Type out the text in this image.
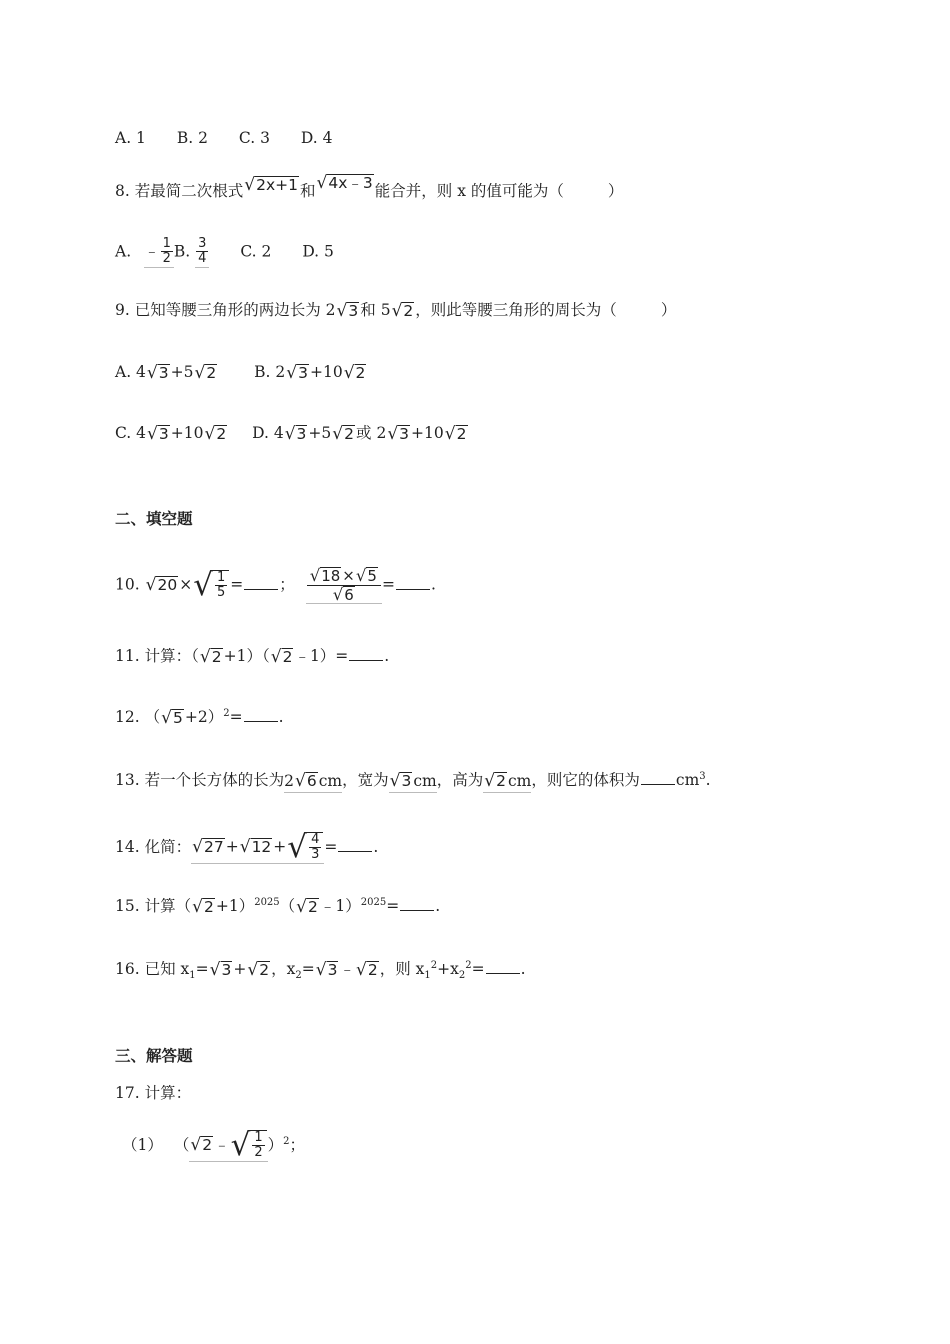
A. 1 B. 2 C. 3 D. 4
8. 若最简二次根式 √ 2x+1 和 √ 4x﹣3 能合并，则 x 的值可能为（	）
A. ﹣ $\frac{1}{2} B$. $\frac{3}{4} C$. 2 D. 5
9. 已知等腰三角形的两边长为 2 √ 3 和 5 √ 2 ，则此等腰三角形的周长为（	）
A. 4 √ 3 +5 √ 2 B. 2 √ 3 +10 √ 2
C. 4 √ 3 +10 √ 2 D. 4 √ 3 +5 √ 2 或 2 √ 3 +10 √ 2
二、填空题
10. √ 20 × √ $\frac{1}{5}$ = ； $\frac{√ 18 \times √ 5}{√ 6}$ = .
11. 计算：（ √ 2 +1）（ √ 2 ﹣1）= .
12. （ √ 5 +2）$^2$= .
13. 若一个长方体的长为2 √ 6 cm，宽为 √ 3 cm，高为 √ 2 cm，则它的体积为 $cm^3$.
14. 化简： √ 27 + √ 12 + √ $\frac{4}{3}$ = .
15. 计算（ √ 2 +1）$^{2025}$（ √ 2 ﹣1）$^{2025}$= .
16. 已知 $x_1=$ √ 3 + √ 2 ，$x_2=$ √ 3 ﹣ √ 2 ，则 $x_1^2+x_2^2=$ .
三、解答题
17. 计算：
（1） （ √ 2 ﹣ √ $\frac{1}{2} )^2$；
